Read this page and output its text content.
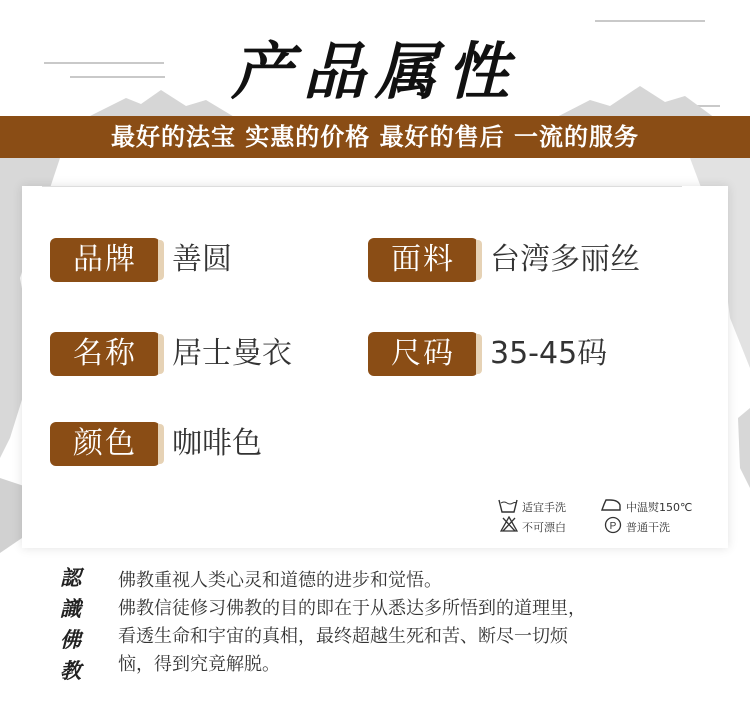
产品属性
最好的法宝 实惠的价格 最好的售后 一流的服务
品牌	善圆	面料	台湾多丽丝
名称	居士曼衣	尺码	35-45码
颜色	咖啡色
适宜手洗	中温熨150℃
不可漂白	P 普通干洗
認
識
佛
教
佛教重视人类心灵和道德的进步和觉悟。
佛教信徒修习佛教的目的即在于从悉达多所悟到的道理里，
看透生命和宇宙的真相，最终超越生死和苦、断尽一切烦
恼，得到究竟解脱。
